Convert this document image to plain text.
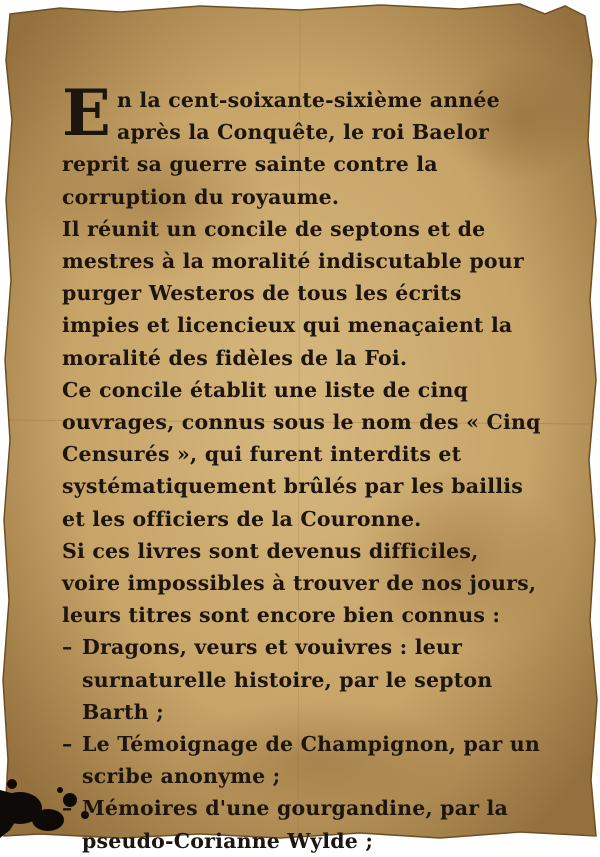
En la cent-soixante-sixième année après la Conquête, le roi Baelor reprit sa guerre sainte contre la corruption du royaume.

Il réunit un concile de septons et de mestres à la moralité indiscutable pour purger Westeros de tous les écrits impies et licencieux qui menaçaient la moralité des fidèles de la Foi.

Ce concile établit une liste de cinq ouvrages, connus sous le nom des « Cinq Censurés », qui furent interdits et systématiquement brûlés par les baillis et les officiers de la Couronne.

Si ces livres sont devenus difficiles, voire impossibles à trouver de nos jours, leurs titres sont encore bien connus :

– Dragons, veurs et vouivres : leur surnaturelle histoire, par le septon Barth ;
– Le Témoignage de Champignon, par un scribe anonyme ;
– Mémoires d'une gourgandine, par la pseudo-Corianne Wylde ;
